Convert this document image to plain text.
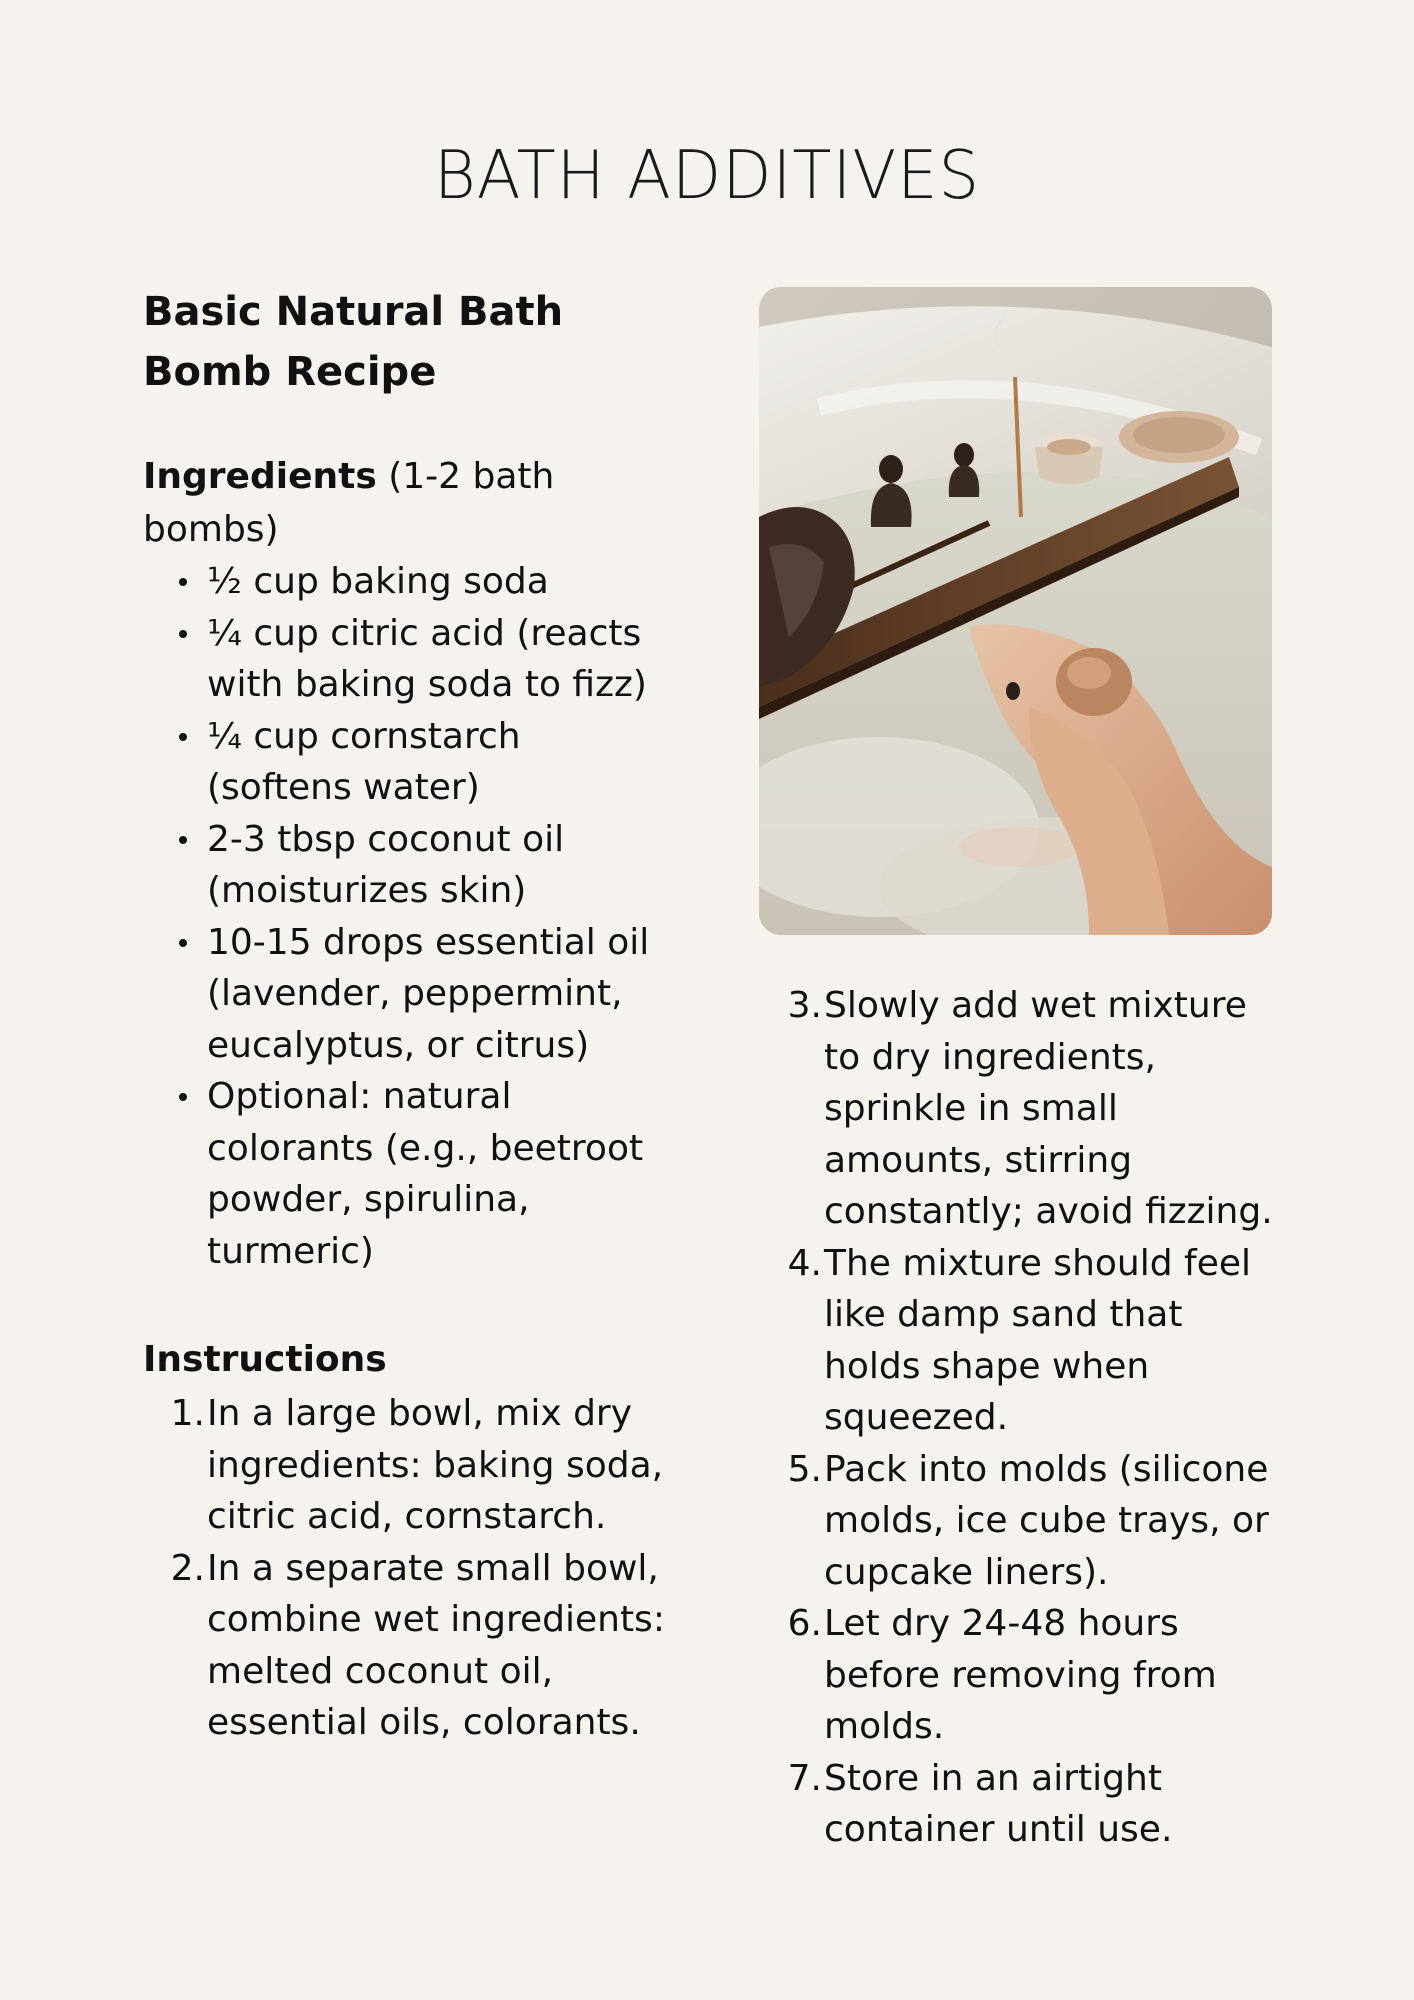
BATH ADDITIVES
Basic Natural Bath
Bomb Recipe

Ingredients (1-2 bath bombs)

½ cup baking soda
¼ cup citric acid (reacts with baking soda to fizz)
¼ cup cornstarch (softens water)
2-3 tbsp coconut oil (moisturizes skin)
10-15 drops essential oil (lavender, peppermint, eucalyptus, or citrus)
Optional: natural colorants (e.g., beetroot powder, spirulina, turmeric)

Instructions

1. In a large bowl, mix dry ingredients: baking soda, citric acid, cornstarch.
2. In a separate small bowl, combine wet ingredients: melted coconut oil, essential oils, colorants.
3. Slowly add wet mixture to dry ingredients, sprinkle in small amounts, stirring constantly; avoid fizzing.
4. The mixture should feel like damp sand that holds shape when squeezed.
5. Pack into molds (silicone molds, ice cube trays, or cupcake liners).
6. Let dry 24-48 hours before removing from molds.
7. Store in an airtight container until use.
